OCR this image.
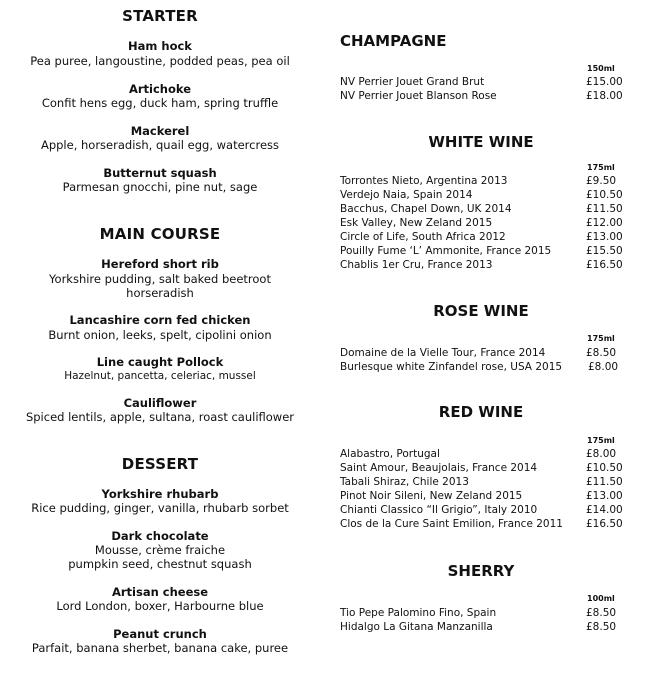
STARTER
Ham hock
Pea puree, langoustine, podded peas, pea oil
Artichoke
Confit hens egg, duck ham, spring truffle
Mackerel
Apple, horseradish, quail egg, watercress
Butternut squash
Parmesan gnocchi, pine nut, sage
MAIN COURSE
Hereford short rib
Yorkshire pudding, salt baked beetroot
horseradish
Lancashire corn fed chicken
Burnt onion, leeks, spelt, cipolini onion
Line caught Pollock
Hazelnut, pancetta, celeriac, mussel
Cauliflower
Spiced lentils, apple, sultana, roast cauliflower
DESSERT
Yorkshire rhubarb
Rice pudding, ginger, vanilla, rhubarb sorbet
Dark chocolate
Mousse, crème fraiche
pumpkin seed, chestnut squash
Artisan cheese
Lord London, boxer, Harbourne blue
Peanut crunch
Parfait, banana sherbet, banana cake, puree
CHAMPAGNE
150ml
NV Perrier Jouet Grand Brut	£15.00
NV Perrier Jouet Blanson Rose	£18.00
WHITE WINE
175ml
Torrontes Nieto, Argentina 2013	£9.50
Verdejo Naia, Spain 2014	£10.50
Bacchus, Chapel Down, UK 2014	£11.50
Esk Valley, New Zeland 2015	£12.00
Circle of Life, South Africa 2012	£13.00
Pouilly Fume ‘L’ Ammonite, France 2015	£15.50
Chablis 1er Cru, France 2013	£16.50
ROSE WINE
175ml
Domaine de la Vielle Tour, France 2014	£8.50
Burlesque white Zinfandel rose, USA 2015 £8.00
RED WINE
175ml
Alabastro, Portugal	£8.00
Saint Amour, Beaujolais, France 2014	£10.50
Tabali Shiraz, Chile 2013	£11.50
Pinot Noir Sileni, New Zeland 2015	£13.00
Chianti Classico “Il Grigio”, Italy 2010	£14.00
Clos de la Cure Saint Emilion, France 2011 £16.50
SHERRY
100ml
Tio Pepe Palomino Fino, Spain	£8.50
Hidalgo La Gitana Manzanilla	£8.50
